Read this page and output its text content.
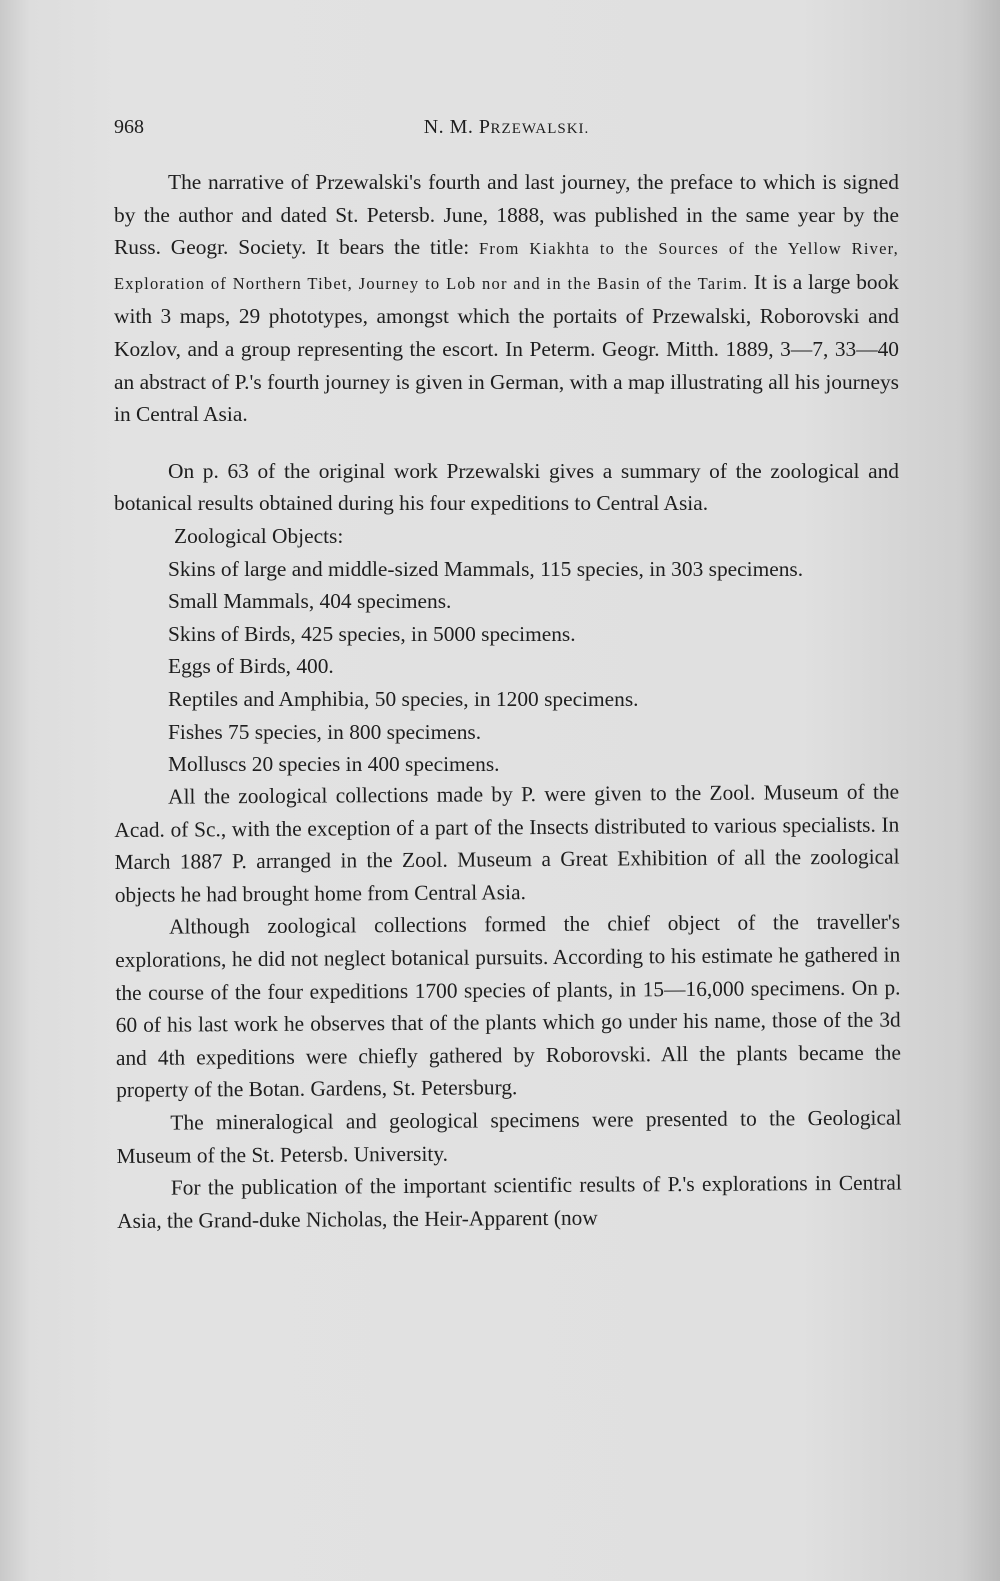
968	N. M. PRZEWALSKI.

The narrative of Przewalski's fourth and last journey, the preface to which is signed by the author and dated St. Petersb. June, 1888, was published in the same year by the Russ. Geogr. Society. It bears the title: From Kiakhta to the Sources of the Yellow River, Exploration of Northern Tibet, Journey to Lob nor and in the Basin of the Tarim. It is a large book with 3 maps, 29 phototypes, amongst which the portaits of Przewalski, Roborovski and Kozlov, and a group representing the escort. In Peterm. Geogr. Mitth. 1889, 3—7, 33—40 an abstract of P.'s fourth journey is given in German, with a map illustrating all his journeys in Central Asia.

On p. 63 of the original work Przewalski gives a summary of the zoological and botanical results obtained during his four expeditions to Central Asia.

Zoological Objects:

Skins of large and middle-sized Mammals, 115 species, in 303 specimens.

Small Mammals, 404 specimens.

Skins of Birds, 425 species, in 5000 specimens.

Eggs of Birds, 400.

Reptiles and Amphibia, 50 species, in 1200 specimens.

Fishes 75 species, in 800 specimens.

Molluscs 20 species in 400 specimens.

All the zoological collections made by P. were given to the Zool. Museum of the Acad. of Sc., with the exception of a part of the Insects distributed to various specialists. In March 1887 P. arranged in the Zool. Museum a Great Exhibition of all the zoological objects he had brought home from Central Asia.

Although zoological collections formed the chief object of the traveller's explorations, he did not neglect botanical pursuits. According to his estimate he gathered in the course of the four expeditions 1700 species of plants, in 15—16,000 specimens. On p. 60 of his last work he observes that of the plants which go under his name, those of the 3d and 4th expeditions were chiefly gathered by Roborovski. All the plants became the property of the Botan. Gardens, St. Petersburg.

The mineralogical and geological specimens were presented to the Geological Museum of the St. Petersb. University.

For the publication of the important scientific results of P.'s explorations in Central Asia, the Grand-duke Nicholas, the Heir-Apparent (now
